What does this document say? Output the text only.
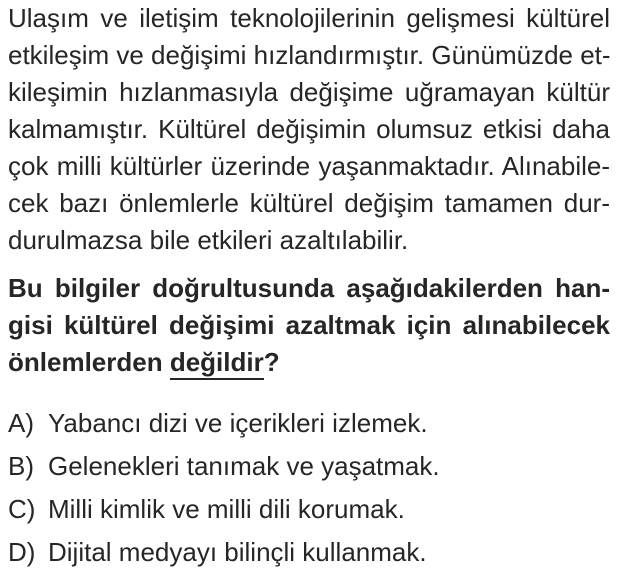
Ulaşım ve iletişim teknolojilerinin gelişmesi kültürel
etkileşim ve değişimi hızlandırmıştır. Günümüzde et-
kileşimin hızlanmasıyla değişime uğramayan kültür
kalmamıştır. Kültürel değişimin olumsuz etkisi daha
çok milli kültürler üzerinde yaşanmaktadır. Alınabile-
cek bazı önlemlerle kültürel değişim tamamen dur-
durulmazsa bile etkileri azaltılabilir.
Bu bilgiler doğrultusunda aşağıdakilerden han-
gisi kültürel değişimi azaltmak için alınabilecek
önlemlerden değildir?
A) Yabancı dizi ve içerikleri izlemek.
B) Gelenekleri tanımak ve yaşatmak.
C) Milli kimlik ve milli dili korumak.
D) Dijital medyayı bilinçli kullanmak.
